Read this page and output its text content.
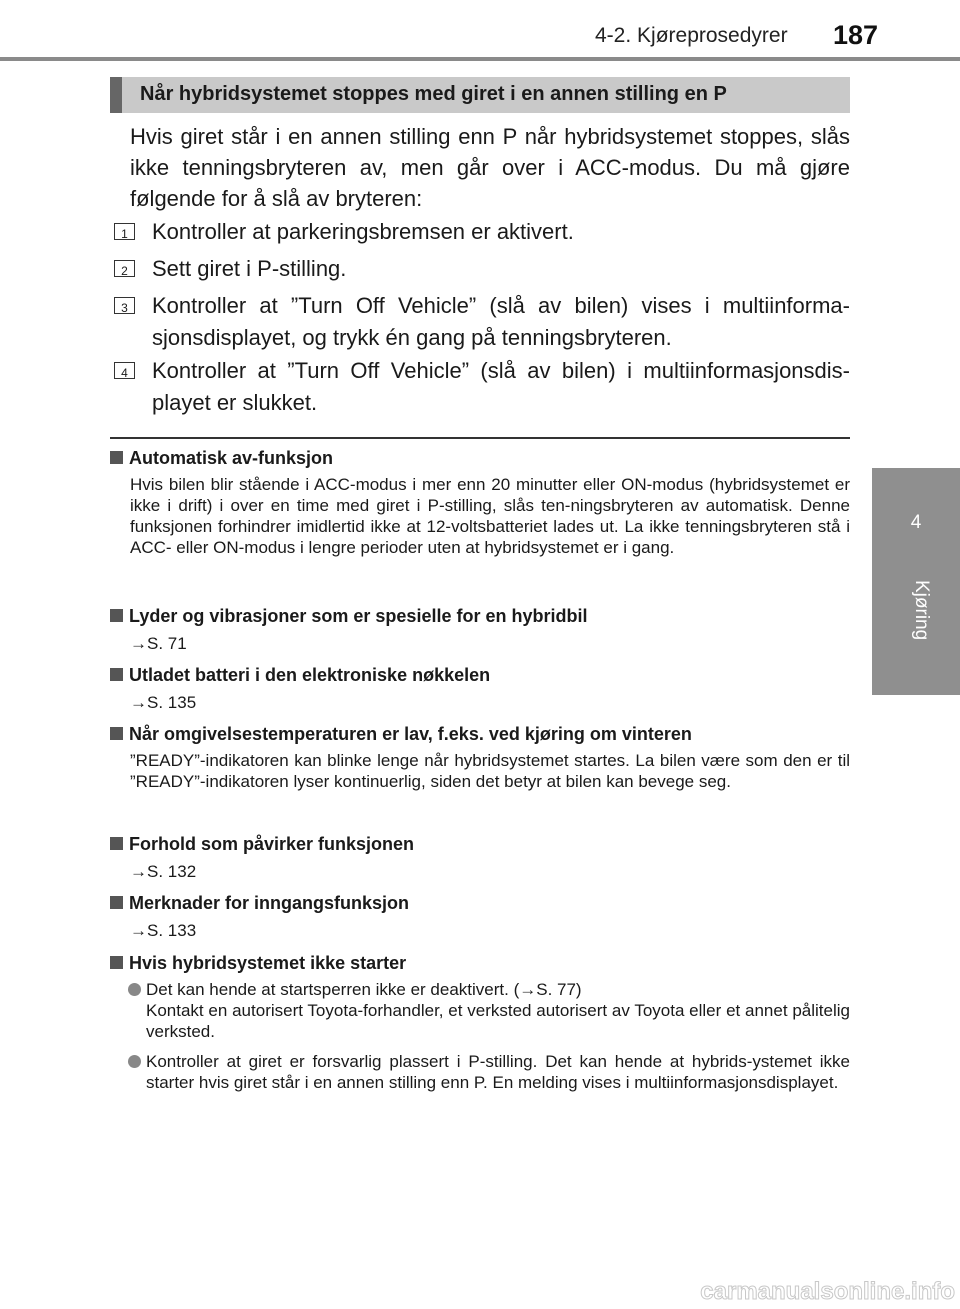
4-2. Kjøreprosedyrer 187
4
Kjøring
Når hybridsystemet stoppes med giret i en annen stilling en P
Hvis giret står i en annen stilling enn P når hybridsystemet stoppes, slås ikke tenningsbryteren av, men går over i ACC-modus. Du må gjøre følgende for å slå av bryteren:
1	Kontroller at parkeringsbremsen er aktivert.
2	Sett giret i P-stilling.
3	Kontroller at ”Turn Off Vehicle” (slå av bilen) vises i multiinforma-sjonsdisplayet, og trykk én gang på tenningsbryteren.
4	Kontroller at ”Turn Off Vehicle” (slå av bilen) i multiinformasjonsdis-playet er slukket.
Automatisk av-funksjon
Hvis bilen blir stående i ACC-modus i mer enn 20 minutter eller ON-modus (hybridsystemet er ikke i drift) i over en time med giret i P-stilling, slås ten-ningsbryteren av automatisk. Denne funksjonen forhindrer imidlertid ikke at 12-voltsbatteriet lades ut. La ikke tenningsbryteren stå i ACC- eller ON-modus i lengre perioder uten at hybridsystemet er i gang.
Lyder og vibrasjoner som er spesielle for en hybridbil
→S. 71
Utladet batteri i den elektroniske nøkkelen
→S. 135
Når omgivelsestemperaturen er lav, f.eks. ved kjøring om vinteren
”READY”-indikatoren kan blinke lenge når hybridsystemet startes. La bilen være som den er til ”READY”-indikatoren lyser kontinuerlig, siden det betyr at bilen kan bevege seg.
Forhold som påvirker funksjonen
→S. 132
Merknader for inngangsfunksjon
→S. 133
Hvis hybridsystemet ikke starter
Det kan hende at startsperren ikke er deaktivert. (→S. 77)
Kontakt en autorisert Toyota-forhandler, et verksted autorisert av Toyota eller et annet pålitelig verksted.
Kontroller at giret er forsvarlig plassert i P-stilling. Det kan hende at hybrids-ystemet ikke starter hvis giret står i en annen stilling enn P. En melding vises i multiinformasjonsdisplayet.
carmanualsonline.info
